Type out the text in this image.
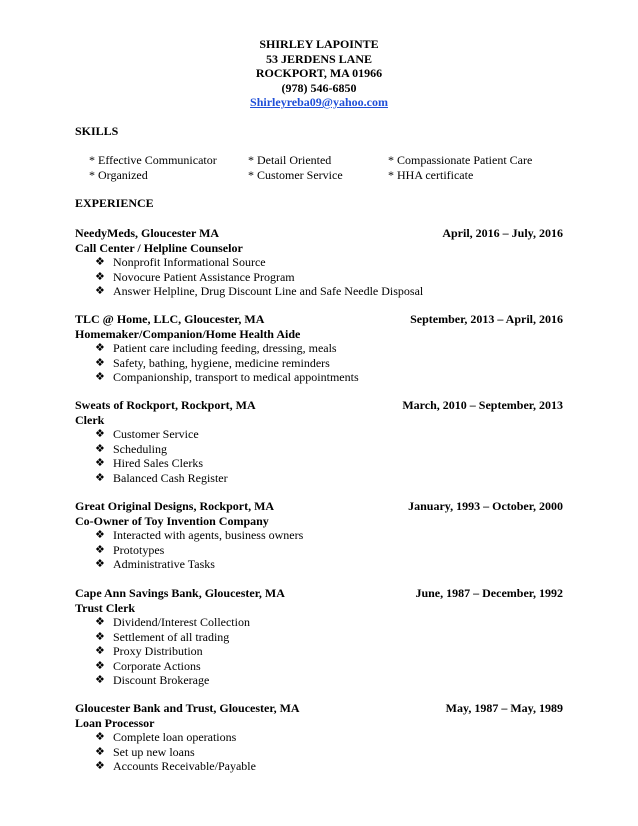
SHIRLEY LAPOINTE
53 JERDENS LANE
ROCKPORT, MA 01966
(978) 546-6850
Shirleyreba09@yahoo.com
SKILLS
* Effective Communicator	* Detail Oriented	* Compassionate Patient Care
* Organized	* Customer Service	* HHA certificate
EXPERIENCE
NeedyMeds, Gloucester MA	April, 2016 – July, 2016
Call Center / Helpline Counselor
❖ Nonprofit Informational Source
❖ Novocure Patient Assistance Program
❖ Answer Helpline, Drug Discount Line and Safe Needle Disposal
TLC @ Home, LLC, Gloucester, MA	September, 2013 – April, 2016
Homemaker/Companion/Home Health Aide
❖ Patient care including feeding, dressing, meals
❖ Safety, bathing, hygiene, medicine reminders
❖ Companionship, transport to medical appointments
Sweats of Rockport, Rockport, MA	March, 2010 – September, 2013
Clerk
❖ Customer Service
❖ Scheduling
❖ Hired Sales Clerks
❖ Balanced Cash Register
Great Original Designs, Rockport, MA	January, 1993 – October, 2000
Co-Owner of Toy Invention Company
❖ Interacted with agents, business owners
❖ Prototypes
❖ Administrative Tasks
Cape Ann Savings Bank, Gloucester, MA	June, 1987 – December, 1992
Trust Clerk
❖ Dividend/Interest Collection
❖ Settlement of all trading
❖ Proxy Distribution
❖ Corporate Actions
❖ Discount Brokerage
Gloucester Bank and Trust, Gloucester, MA	May, 1987 – May, 1989
Loan Processor
❖ Complete loan operations
❖ Set up new loans
❖ Accounts Receivable/Payable
